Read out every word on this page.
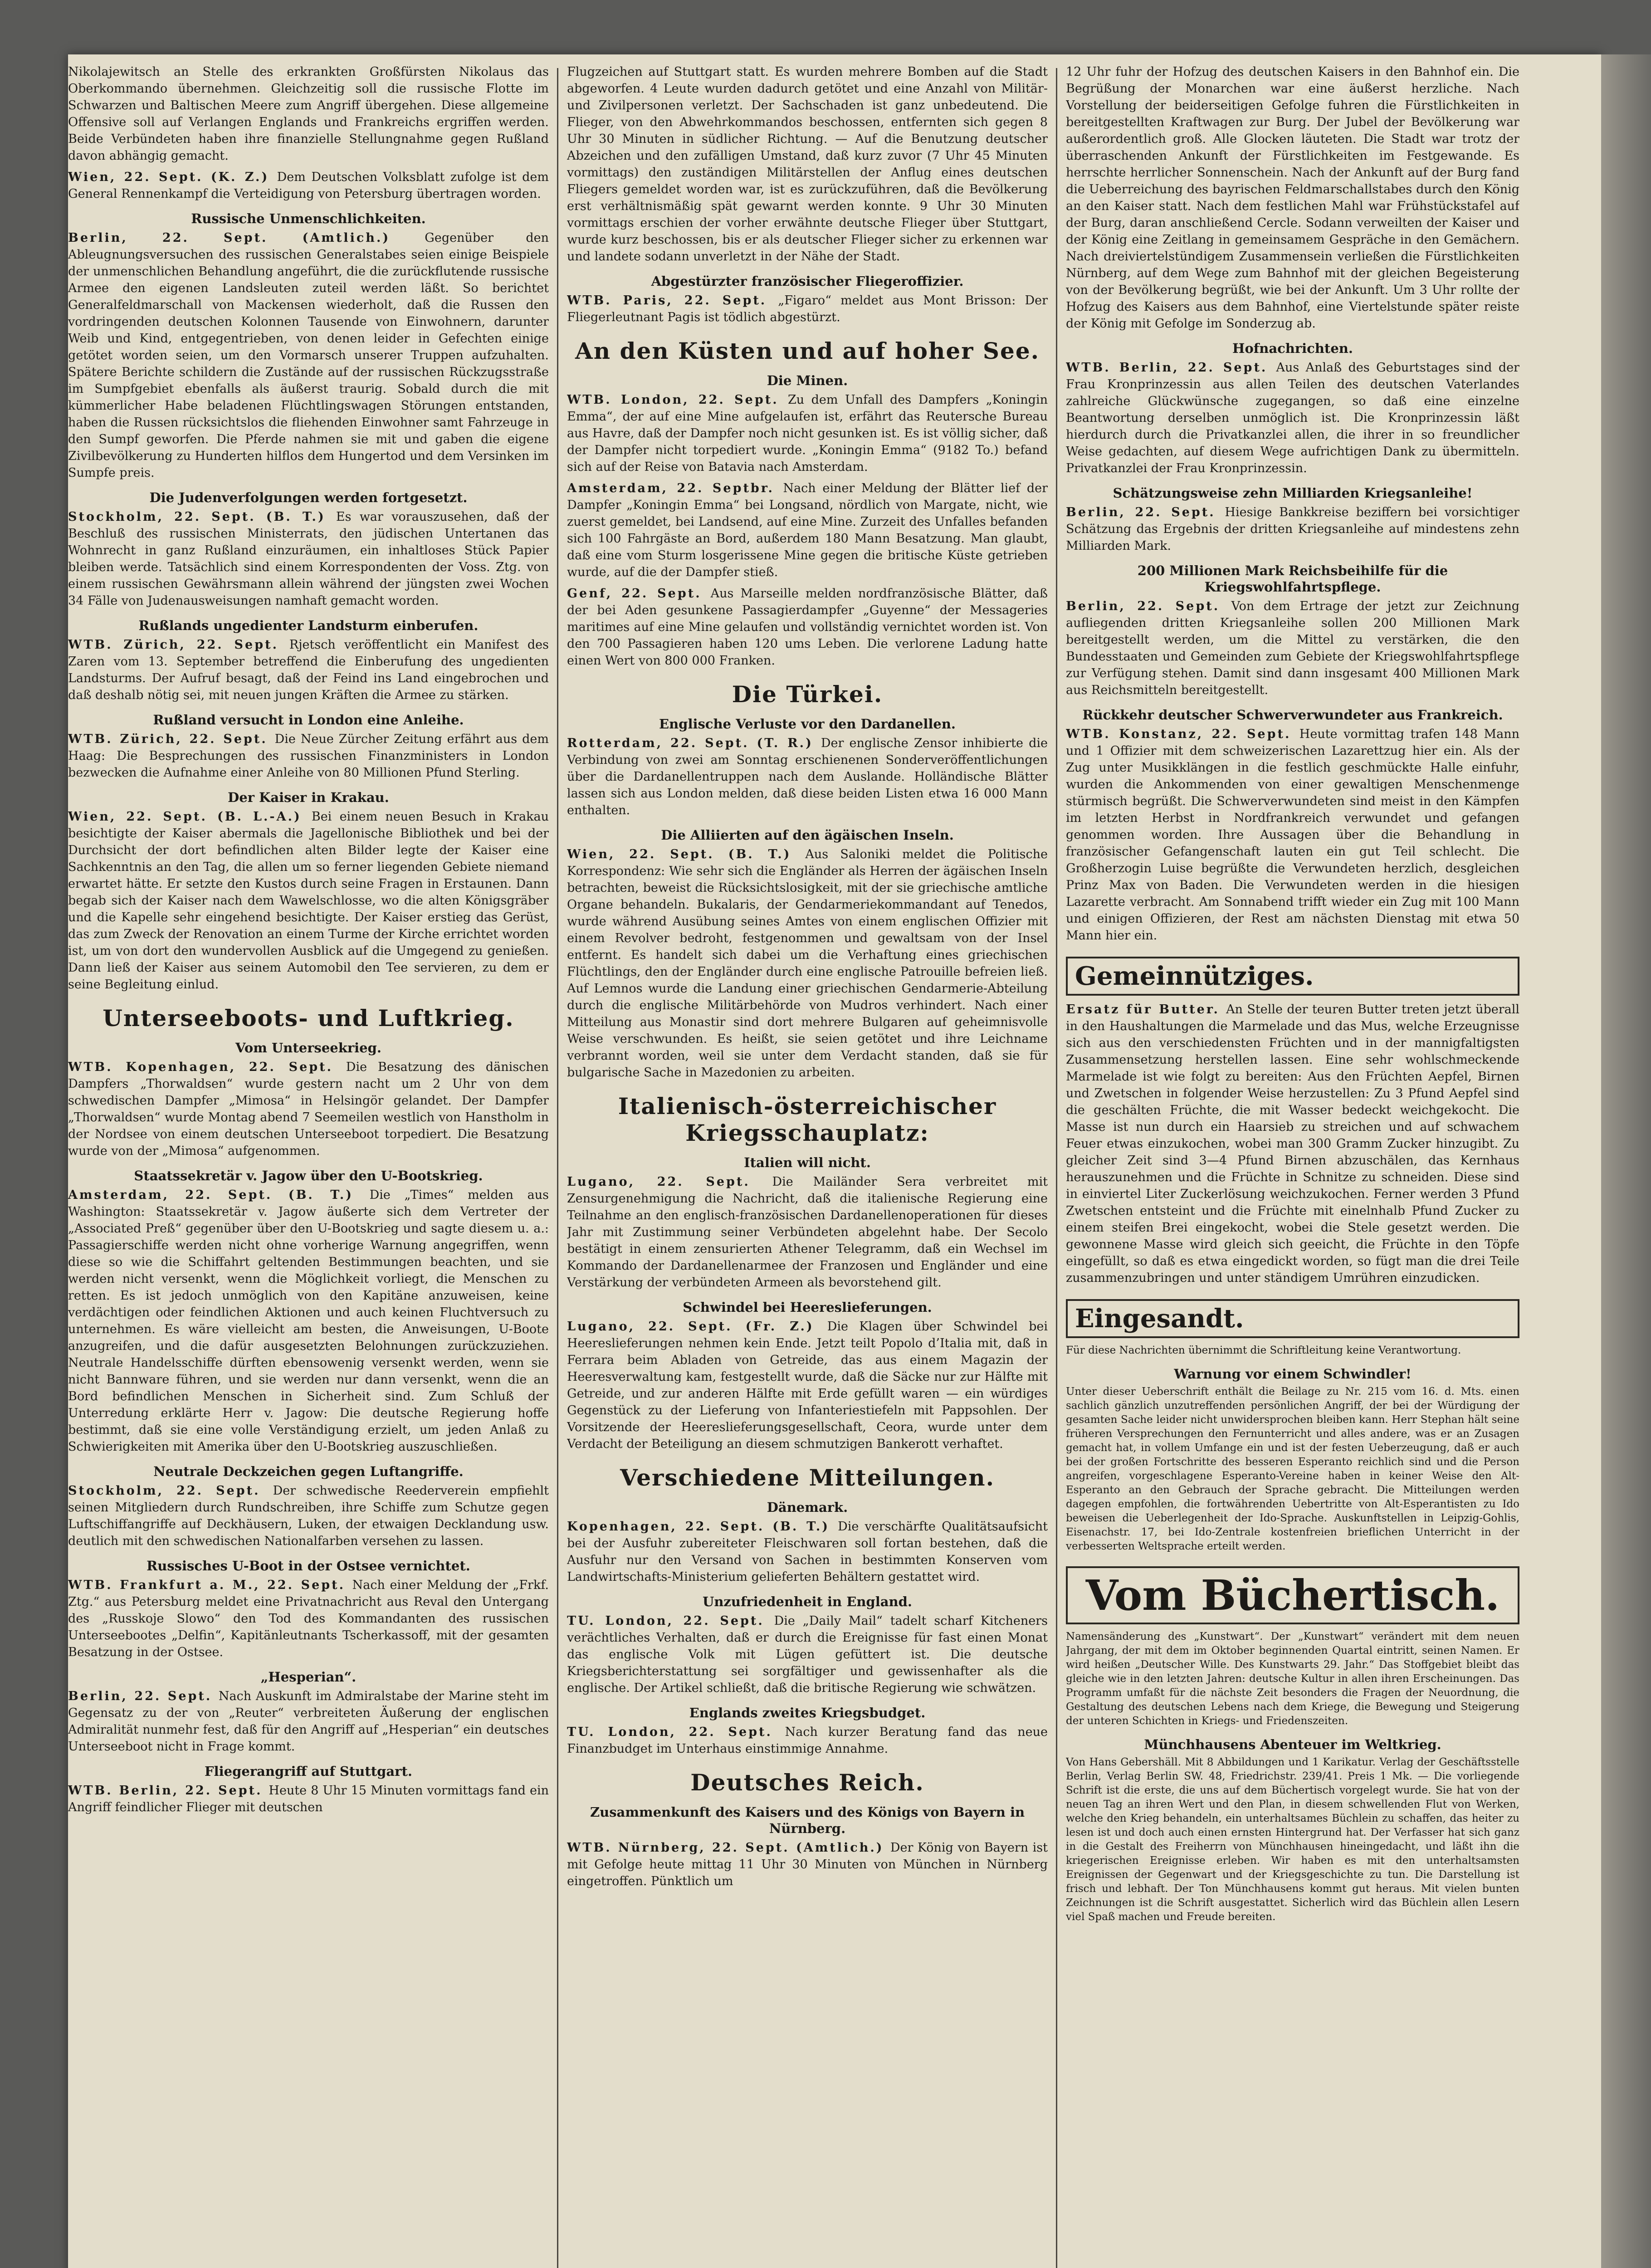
Nikolajewitsch an Stelle des erkrankten Großfürsten Nikolaus das Oberkommando übernehmen. Gleichzeitig soll die russische Flotte im Schwarzen und Baltischen Meere zum Angriff übergehen. Diese allgemeine Offensive soll auf Verlangen Englands und Frankreichs ergriffen werden. Beide Verbündeten haben ihre finanzielle Stellungnahme gegen Rußland davon abhängig gemacht.

Wien, 22. Sept. (K. Z.) Dem Deutschen Volksblatt zufolge ist dem General Rennenkampf die Verteidigung von Petersburg übertragen worden.

Russische Unmenschlichkeiten.

Berlin, 22. Sept. (Amtlich.) Gegenüber den Ableugnungsversuchen des russischen Generalstabes seien einige Beispiele der unmenschlichen Behandlung angeführt, die die zurückflutende russische Armee den eigenen Landsleuten zuteil werden läßt. So berichtet Generalfeldmarschall von Mackensen wiederholt, daß die Russen den vordringenden deutschen Kolonnen Tausende von Einwohnern, darunter Weib und Kind, entgegentrieben, von denen leider in Gefechten einige getötet worden seien, um den Vormarsch unserer Truppen aufzuhalten. Spätere Berichte schildern die Zustände auf der russischen Rückzugsstraße im Sumpfgebiet ebenfalls als äußerst traurig. Sobald durch die mit kümmerlicher Habe beladenen Flüchtlingswagen Störungen entstanden, haben die Russen rücksichtslos die fliehenden Einwohner samt Fahrzeuge in den Sumpf geworfen. Die Pferde nahmen sie mit und gaben die eigene Zivilbevölkerung zu Hunderten hilflos dem Hungertod und dem Versinken im Sumpfe preis.

Die Judenverfolgungen werden fortgesetzt.

Stockholm, 22. Sept. (B. T.) Es war vorauszusehen, daß der Beschluß des russischen Ministerrats, den jüdischen Untertanen das Wohnrecht in ganz Rußland einzuräumen, ein inhaltloses Stück Papier bleiben werde. Tatsächlich sind einem Korrespondenten der Voss. Ztg. von einem russischen Gewährsmann allein während der jüngsten zwei Wochen 34 Fälle von Judenausweisungen namhaft gemacht worden.

Rußlands ungedienter Landsturm einberufen.

WTB. Zürich, 22. Sept. Rjetsch veröffentlicht ein Manifest des Zaren vom 13. September betreffend die Einberufung des ungedienten Landsturms. Der Aufruf besagt, daß der Feind ins Land eingebrochen und daß deshalb nötig sei, mit neuen jungen Kräften die Armee zu stärken.

Rußland versucht in London eine Anleihe.

WTB. Zürich, 22. Sept. Die Neue Zürcher Zeitung erfährt aus dem Haag: Die Besprechungen des russischen Finanzministers in London bezwecken die Aufnahme einer Anleihe von 80 Millionen Pfund Sterling.

Der Kaiser in Krakau.

Wien, 22. Sept. (B. L.-A.) Bei einem neuen Besuch in Krakau besichtigte der Kaiser abermals die Jagellonische Bibliothek und bei der Durchsicht der dort befindlichen alten Bilder legte der Kaiser eine Sachkenntnis an den Tag, die allen um so ferner liegenden Gebiete niemand erwartet hätte. Er setzte den Kustos durch seine Fragen in Erstaunen. Dann begab sich der Kaiser nach dem Wawelschlosse, wo die alten Königsgräber und die Kapelle sehr eingehend besichtigte. Der Kaiser erstieg das Gerüst, das zum Zweck der Renovation an einem Turme der Kirche errichtet worden ist, um von dort den wundervollen Ausblick auf die Umgegend zu genießen. Dann ließ der Kaiser aus seinem Automobil den Tee servieren, zu dem er seine Begleitung einlud.

Unterseeboots- und Luftkrieg.
Vom Unterseekrieg.

WTB. Kopenhagen, 22. Sept. Die Besatzung des dänischen Dampfers „Thorwaldsen“ wurde gestern nacht um 2 Uhr von dem schwedischen Dampfer „Mimosa“ in Helsingör gelandet. Der Dampfer „Thorwaldsen“ wurde Montag abend 7 Seemeilen westlich von Hanstholm in der Nordsee von einem deutschen Unterseeboot torpediert. Die Besatzung wurde von der „Mimosa“ aufgenommen.

Staatssekretär v. Jagow über den U-Bootskrieg.

Amsterdam, 22. Sept. (B. T.) Die „Times“ melden aus Washington: Staatssekretär v. Jagow äußerte sich dem Vertreter der „Associated Preß“ gegenüber über den U-Bootskrieg und sagte diesem u. a.: Passagierschiffe werden nicht ohne vorherige Warnung angegriffen, wenn diese so wie die Schiffahrt geltenden Bestimmungen beachten, und sie werden nicht versenkt, wenn die Möglichkeit vorliegt, die Menschen zu retten. Es ist jedoch unmöglich von den Kapitäne anzuweisen, keine verdächtigen oder feindlichen Aktionen und auch keinen Fluchtversuch zu unternehmen. Es wäre vielleicht am besten, die Anweisungen, U-Boote anzugreifen, und die dafür ausgesetzten Belohnungen zurückzuziehen. Neutrale Handelsschiffe dürften ebensowenig versenkt werden, wenn sie nicht Bannware führen, und sie werden nur dann versenkt, wenn die an Bord befindlichen Menschen in Sicherheit sind. Zum Schluß der Unterredung erklärte Herr v. Jagow: Die deutsche Regierung hoffe bestimmt, daß sie eine volle Verständigung erzielt, um jeden Anlaß zu Schwierigkeiten mit Amerika über den U-Bootskrieg auszuschließen.

Neutrale Deckzeichen gegen Luftangriffe.

Stockholm, 22. Sept. Der schwedische Reederverein empfiehlt seinen Mitgliedern durch Rundschreiben, ihre Schiffe zum Schutze gegen Luftschiffangriffe auf Deckhäusern, Luken, der etwaigen Decklandung usw. deutlich mit den schwedischen Nationalfarben versehen zu lassen.

Russisches U-Boot in der Ostsee vernichtet.

WTB. Frankfurt a. M., 22. Sept. Nach einer Meldung der „Frkf. Ztg.“ aus Petersburg meldet eine Privatnachricht aus Reval den Untergang des „Russkoje Slowo“ den Tod des Kommandanten des russischen Unterseebootes „Delfin“, Kapitänleutnants Tscherkassoff, mit der gesamten Besatzung in der Ostsee.

„Hesperian“.

Berlin, 22. Sept. Nach Auskunft im Admiralstabe der Marine steht im Gegensatz zu der von „Reuter“ verbreiteten Äußerung der englischen Admiralität nunmehr fest, daß für den Angriff auf „Hesperian“ ein deutsches Unterseeboot nicht in Frage kommt.

Fliegerangriff auf Stuttgart.

WTB. Berlin, 22. Sept. Heute 8 Uhr 15 Minuten vormittags fand ein Angriff feindlicher Flieger mit deutschen

Flugzeichen auf Stuttgart statt. Es wurden mehrere Bomben auf die Stadt abgeworfen. 4 Leute wurden dadurch getötet und eine Anzahl von Militär- und Zivilpersonen verletzt. Der Sachschaden ist ganz unbedeutend. Die Flieger, von den Abwehrkommandos beschossen, entfernten sich gegen 8 Uhr 30 Minuten in südlicher Richtung. — Auf die Benutzung deutscher Abzeichen und den zufälligen Umstand, daß kurz zuvor (7 Uhr 45 Minuten vormittags) den zuständigen Militärstellen der Anflug eines deutschen Fliegers gemeldet worden war, ist es zurückzuführen, daß die Bevölkerung erst verhältnismäßig spät gewarnt werden konnte. 9 Uhr 30 Minuten vormittags erschien der vorher erwähnte deutsche Flieger über Stuttgart, wurde kurz beschossen, bis er als deutscher Flieger sicher zu erkennen war und landete sodann unverletzt in der Nähe der Stadt.

Abgestürzter französischer Fliegeroffizier.

WTB. Paris, 22. Sept. „Figaro“ meldet aus Mont Brisson: Der Fliegerleutnant Pagis ist tödlich abgestürzt.

An den Küsten und auf hoher See.
Die Minen.

WTB. London, 22. Sept. Zu dem Unfall des Dampfers „Koningin Emma“, der auf eine Mine aufgelaufen ist, erfährt das Reutersche Bureau aus Havre, daß der Dampfer noch nicht gesunken ist. Es ist völlig sicher, daß der Dampfer nicht torpediert wurde. „Koningin Emma“ (9182 To.) befand sich auf der Reise von Batavia nach Amsterdam.

Amsterdam, 22. Septbr. Nach einer Meldung der Blätter lief der Dampfer „Koningin Emma“ bei Longsand, nördlich von Margate, nicht, wie zuerst gemeldet, bei Landsend, auf eine Mine. Zurzeit des Unfalles befanden sich 100 Fahrgäste an Bord, außerdem 180 Mann Besatzung. Man glaubt, daß eine vom Sturm losgerissene Mine gegen die britische Küste getrieben wurde, auf die der Dampfer stieß.

Genf, 22. Sept. Aus Marseille melden nordfranzösische Blätter, daß der bei Aden gesunkene Passagierdampfer „Guyenne“ der Messageries maritimes auf eine Mine gelaufen und vollständig vernichtet worden ist. Von den 700 Passagieren haben 120 ums Leben. Die verlorene Ladung hatte einen Wert von 800 000 Franken.

Die Türkei.
Englische Verluste vor den Dardanellen.

Rotterdam, 22. Sept. (T. R.) Der englische Zensor inhibierte die Verbindung von zwei am Sonntag erschienenen Sonderveröffentlichungen über die Dardanellentruppen nach dem Auslande. Holländische Blätter lassen sich aus London melden, daß diese beiden Listen etwa 16 000 Mann enthalten.

Die Alliierten auf den ägäischen Inseln.

Wien, 22. Sept. (B. T.) Aus Saloniki meldet die Politische Korrespondenz: Wie sehr sich die Engländer als Herren der ägäischen Inseln betrachten, beweist die Rücksichtslosigkeit, mit der sie griechische amtliche Organe behandeln. Bukalaris, der Gendarmeriekommandant auf Tenedos, wurde während Ausübung seines Amtes von einem englischen Offizier mit einem Revolver bedroht, festgenommen und gewaltsam von der Insel entfernt. Es handelt sich dabei um die Verhaftung eines griechischen Flüchtlings, den der Engländer durch eine englische Patrouille befreien ließ. Auf Lemnos wurde die Landung einer griechischen Gendarmerie-Abteilung durch die englische Militärbehörde von Mudros verhindert. Nach einer Mitteilung aus Monastir sind dort mehrere Bulgaren auf geheimnisvolle Weise verschwunden. Es heißt, sie seien getötet und ihre Leichname verbrannt worden, weil sie unter dem Verdacht standen, daß sie für bulgarische Sache in Mazedonien zu arbeiten.

Italienisch-österreichischer Kriegsschauplatz:
Italien will nicht.

Lugano, 22. Sept. Die Mailänder Sera verbreitet mit Zensurgenehmigung die Nachricht, daß die italienische Regierung eine Teilnahme an den englisch-französischen Dardanellenoperationen für dieses Jahr mit Zustimmung seiner Verbündeten abgelehnt habe. Der Secolo bestätigt in einem zensurierten Athener Telegramm, daß ein Wechsel im Kommando der Dardanellenarmee der Franzosen und Engländer und eine Verstärkung der verbündeten Armeen als bevorstehend gilt.

Schwindel bei Heereslieferungen.

Lugano, 22. Sept. (Fr. Z.) Die Klagen über Schwindel bei Heereslieferungen nehmen kein Ende. Jetzt teilt Popolo d’Italia mit, daß in Ferrara beim Abladen von Getreide, das aus einem Magazin der Heeresverwaltung kam, festgestellt wurde, daß die Säcke nur zur Hälfte mit Getreide, und zur anderen Hälfte mit Erde gefüllt waren — ein würdiges Gegenstück zu der Lieferung von Infanteriestiefeln mit Pappsohlen. Der Vorsitzende der Heereslieferungsgesellschaft, Ceora, wurde unter dem Verdacht der Beteiligung an diesem schmutzigen Bankerott verhaftet.

Verschiedene Mitteilungen.
Dänemark.

Kopenhagen, 22. Sept. (B. T.) Die verschärfte Qualitätsaufsicht bei der Ausfuhr zubereiteter Fleischwaren soll fortan bestehen, daß die Ausfuhr nur den Versand von Sachen in bestimmten Konserven vom Landwirtschafts-Ministerium gelieferten Behältern gestattet wird.

Unzufriedenheit in England.

TU. London, 22. Sept. Die „Daily Mail“ tadelt scharf Kitcheners verächtliches Verhalten, daß er durch die Ereignisse für fast einen Monat das englische Volk mit Lügen gefüttert ist. Die deutsche Kriegsberichterstattung sei sorgfältiger und gewissenhafter als die englische. Der Artikel schließt, daß die britische Regierung wie schwätzen.

Englands zweites Kriegsbudget.

TU. London, 22. Sept. Nach kurzer Beratung fand das neue Finanzbudget im Unterhaus einstimmige Annahme.

Deutsches Reich.
Zusammenkunft des Kaisers und des Königs von Bayern in Nürnberg.

WTB. Nürnberg, 22. Sept. (Amtlich.) Der König von Bayern ist mit Gefolge heute mittag 11 Uhr 30 Minuten von München in Nürnberg eingetroffen. Pünktlich um

12 Uhr fuhr der Hofzug des deutschen Kaisers in den Bahnhof ein. Die Begrüßung der Monarchen war eine äußerst herzliche. Nach Vorstellung der beiderseitigen Gefolge fuhren die Fürstlichkeiten in bereitgestellten Kraftwagen zur Burg. Der Jubel der Bevölkerung war außerordentlich groß. Alle Glocken läuteten. Die Stadt war trotz der überraschenden Ankunft der Fürstlichkeiten im Festgewande. Es herrschte herrlicher Sonnenschein. Nach der Ankunft auf der Burg fand die Ueberreichung des bayrischen Feldmarschallstabes durch den König an den Kaiser statt. Nach dem festlichen Mahl war Frühstückstafel auf der Burg, daran anschließend Cercle. Sodann verweilten der Kaiser und der König eine Zeitlang in gemeinsamem Gespräche in den Gemächern. Nach dreiviertelstündigem Zusammensein verließen die Fürstlichkeiten Nürnberg, auf dem Wege zum Bahnhof mit der gleichen Begeisterung von der Bevölkerung begrüßt, wie bei der Ankunft. Um 3 Uhr rollte der Hofzug des Kaisers aus dem Bahnhof, eine Viertelstunde später reiste der König mit Gefolge im Sonderzug ab.

Hofnachrichten.

WTB. Berlin, 22. Sept. Aus Anlaß des Geburtstages sind der Frau Kronprinzessin aus allen Teilen des deutschen Vaterlandes zahlreiche Glückwünsche zugegangen, so daß eine einzelne Beantwortung derselben unmöglich ist. Die Kronprinzessin läßt hierdurch durch die Privatkanzlei allen, die ihrer in so freundlicher Weise gedachten, auf diesem Wege aufrichtigen Dank zu übermitteln. Privatkanzlei der Frau Kronprinzessin.

Schätzungsweise zehn Milliarden Kriegsanleihe!

Berlin, 22. Sept. Hiesige Bankkreise beziffern bei vorsichtiger Schätzung das Ergebnis der dritten Kriegsanleihe auf mindestens zehn Milliarden Mark.

200 Millionen Mark Reichsbeihilfe für die Kriegswohlfahrtspflege.

Berlin, 22. Sept. Von dem Ertrage der jetzt zur Zeichnung aufliegenden dritten Kriegsanleihe sollen 200 Millionen Mark bereitgestellt werden, um die Mittel zu verstärken, die den Bundesstaaten und Gemeinden zum Gebiete der Kriegswohlfahrtspflege zur Verfügung stehen. Damit sind dann insgesamt 400 Millionen Mark aus Reichsmitteln bereitgestellt.

Rückkehr deutscher Schwerverwundeter aus Frankreich.

WTB. Konstanz, 22. Sept. Heute vormittag trafen 148 Mann und 1 Offizier mit dem schweizerischen Lazarettzug hier ein. Als der Zug unter Musikklängen in die festlich geschmückte Halle einfuhr, wurden die Ankommenden von einer gewaltigen Menschenmenge stürmisch begrüßt. Die Schwerverwundeten sind meist in den Kämpfen im letzten Herbst in Nordfrankreich verwundet und gefangen genommen worden. Ihre Aussagen über die Behandlung in französischer Gefangenschaft lauten ein gut Teil schlecht. Die Großherzogin Luise begrüßte die Verwundeten herzlich, desgleichen Prinz Max von Baden. Die Verwundeten werden in die hiesigen Lazarette verbracht. Am Sonnabend trifft wieder ein Zug mit 100 Mann und einigen Offizieren, der Rest am nächsten Dienstag mit etwa 50 Mann hier ein.

Gemeinnütziges.

Ersatz für Butter. An Stelle der teuren Butter treten jetzt überall in den Haushaltungen die Marmelade und das Mus, welche Erzeugnisse sich aus den verschiedensten Früchten und in der mannigfaltigsten Zusammensetzung herstellen lassen. Eine sehr wohlschmeckende Marmelade ist wie folgt zu bereiten: Aus den Früchten Aepfel, Birnen und Zwetschen in folgender Weise herzustellen: Zu 3 Pfund Aepfel sind die geschälten Früchte, die mit Wasser bedeckt weichgekocht. Die Masse ist nun durch ein Haarsieb zu streichen und auf schwachem Feuer etwas einzukochen, wobei man 300 Gramm Zucker hinzugibt. Zu gleicher Zeit sind 3—4 Pfund Birnen abzuschälen, das Kernhaus herauszunehmen und die Früchte in Schnitze zu schneiden. Diese sind in einviertel Liter Zuckerlösung weichzukochen. Ferner werden 3 Pfund Zwetschen entsteint und die Früchte mit einelnhalb Pfund Zucker zu einem steifen Brei eingekocht, wobei die Stele gesetzt werden. Die gewonnene Masse wird gleich sich geeicht, die Früchte in den Töpfe eingefüllt, so daß es etwa eingedickt worden, so fügt man die drei Teile zusammenzubringen und unter ständigem Umrühren einzudicken.

Eingesandt.

Für diese Nachrichten übernimmt die Schriftleitung keine Verantwortung.

Warnung vor einem Schwindler!

Unter dieser Ueberschrift enthält die Beilage zu Nr. 215 vom 16. d. Mts. einen sachlich gänzlich unzutreffenden persönlichen Angriff, der bei der Würdigung der gesamten Sache leider nicht unwidersprochen bleiben kann. Herr Stephan hält seine früheren Versprechungen den Fernunterricht und alles andere, was er an Zusagen gemacht hat, in vollem Umfange ein und ist der festen Ueberzeugung, daß er auch bei der großen Fortschritte des besseren Esperanto reichlich sind und die Person angreifen, vorgeschlagene Esperanto-Vereine haben in keiner Weise den Alt-Esperanto an den Gebrauch der Sprache gebracht. Die Mitteilungen werden dagegen empfohlen, die fortwährenden Uebertritte von Alt-Esperantisten zu Ido beweisen die Ueberlegenheit der Ido-Sprache. Auskunftstellen in Leipzig-Gohlis, Eisenachstr. 17, bei Ido-Zentrale kostenfreien brieflichen Unterricht in der verbesserten Weltsprache erteilt werden.

Vom Büchertisch.

Namensänderung des „Kunstwart“. Der „Kunstwart“ verändert mit dem neuen Jahrgang, der mit dem im Oktober beginnenden Quartal eintritt, seinen Namen. Er wird heißen „Deutscher Wille. Des Kunstwarts 29. Jahr.“ Das Stoffgebiet bleibt das gleiche wie in den letzten Jahren: deutsche Kultur in allen ihren Erscheinungen. Das Programm umfaßt für die nächste Zeit besonders die Fragen der Neuordnung, die Gestaltung des deutschen Lebens nach dem Kriege, die Bewegung und Steigerung der unteren Schichten in Kriegs- und Friedenszeiten.

Münchhausens Abenteuer im Weltkrieg.

Von Hans Gebershäll. Mit 8 Abbildungen und 1 Karikatur. Verlag der Geschäftsstelle Berlin, Verlag Berlin SW. 48, Friedrichstr. 239/41. Preis 1 Mk. — Die vorliegende Schrift ist die erste, die uns auf dem Büchertisch vorgelegt wurde. Sie hat von der neuen Tag an ihren Wert und den Plan, in diesem schwellenden Flut von Werken, welche den Krieg behandeln, ein unterhaltsames Büchlein zu schaffen, das heiter zu lesen ist und doch auch einen ernsten Hintergrund hat. Der Verfasser hat sich ganz in die Gestalt des Freiherrn von Münchhausen hineingedacht, und läßt ihn die kriegerischen Ereignisse erleben. Wir haben es mit den unterhaltsamsten Ereignissen der Gegenwart und der Kriegsgeschichte zu tun. Die Darstellung ist frisch und lebhaft. Der Ton Münchhausens kommt gut heraus. Mit vielen bunten Zeichnungen ist die Schrift ausgestattet. Sicherlich wird das Büchlein allen Lesern viel Spaß machen und Freude bereiten.
